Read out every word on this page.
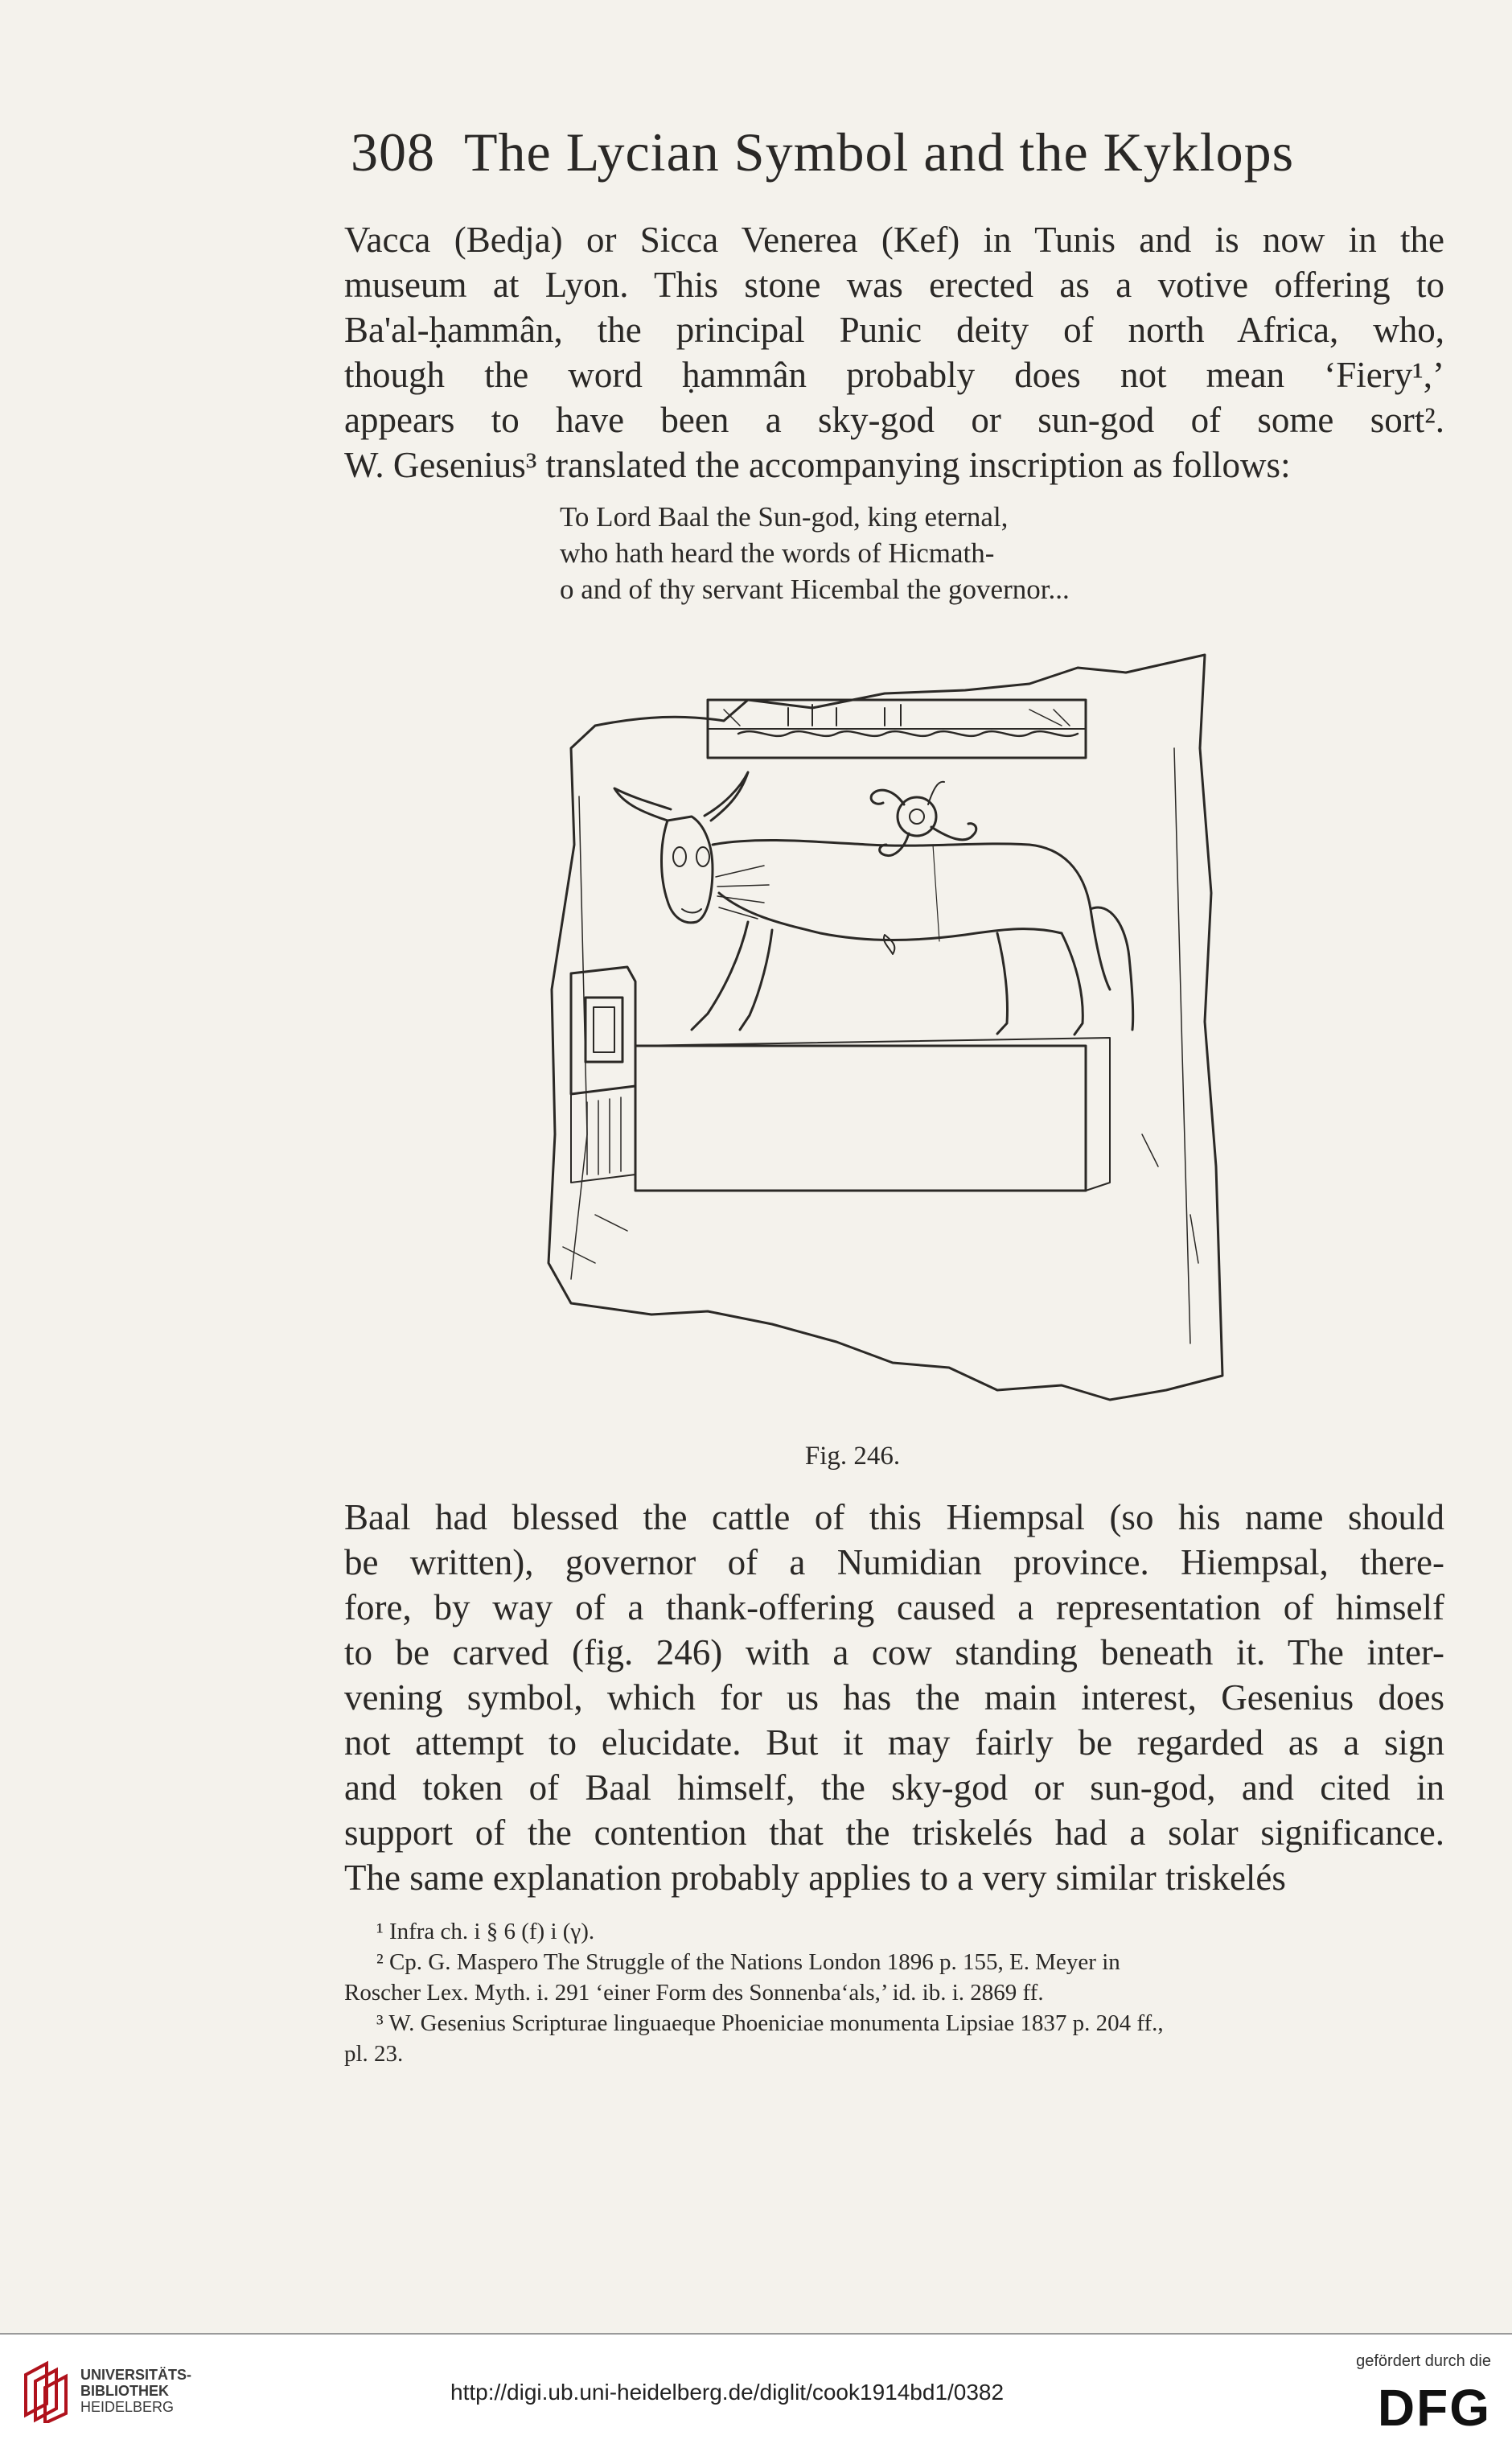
308 The Lycian Symbol and the Kyklops
Vacca (Bedja) or Sicca Venerea (Kef) in Tunis and is now in the
museum at Lyon. This stone was erected as a votive offering to
Ba'al-ḥammân, the principal Punic deity of north Africa, who,
though the word ḥammân probably does not mean ‘Fiery¹,’
appears to have been a sky-god or sun-god of some sort².
W. Gesenius³ translated the accompanying inscription as follows:
To Lord Baal the Sun-god, king eternal,
who hath heard the words of Hicmath-
o and of thy servant Hicembal the governor...
Fig. 246.
Baal had blessed the cattle of this Hiempsal (so his name should
be written), governor of a Numidian province. Hiempsal, there-
fore, by way of a thank-offering caused a representation of himself
to be carved (fig. 246) with a cow standing beneath it. The inter-
vening symbol, which for us has the main interest, Gesenius does
not attempt to elucidate. But it may fairly be regarded as a sign
and token of Baal himself, the sky-god or sun-god, and cited in
support of the contention that the triskelés had a solar significance.
The same explanation probably applies to a very similar triskelés
¹ Infra ch. i § 6 (f) i (γ).
² Cp. G. Maspero The Struggle of the Nations London 1896 p. 155, E. Meyer in
Roscher Lex. Myth. i. 291 ‘einer Form des Sonnenba‘als,’ id. ib. i. 2869 ff.
³ W. Gesenius Scripturae linguaeque Phoeniciae monumenta Lipsiae 1837 p. 204 ff.,
pl. 23.
UNIVERSITÄTS-
BIBLIOTHEK
HEIDELBERG
http://digi.ub.uni-heidelberg.de/diglit/cook1914bd1/0382
gefördert durch die
DFG
